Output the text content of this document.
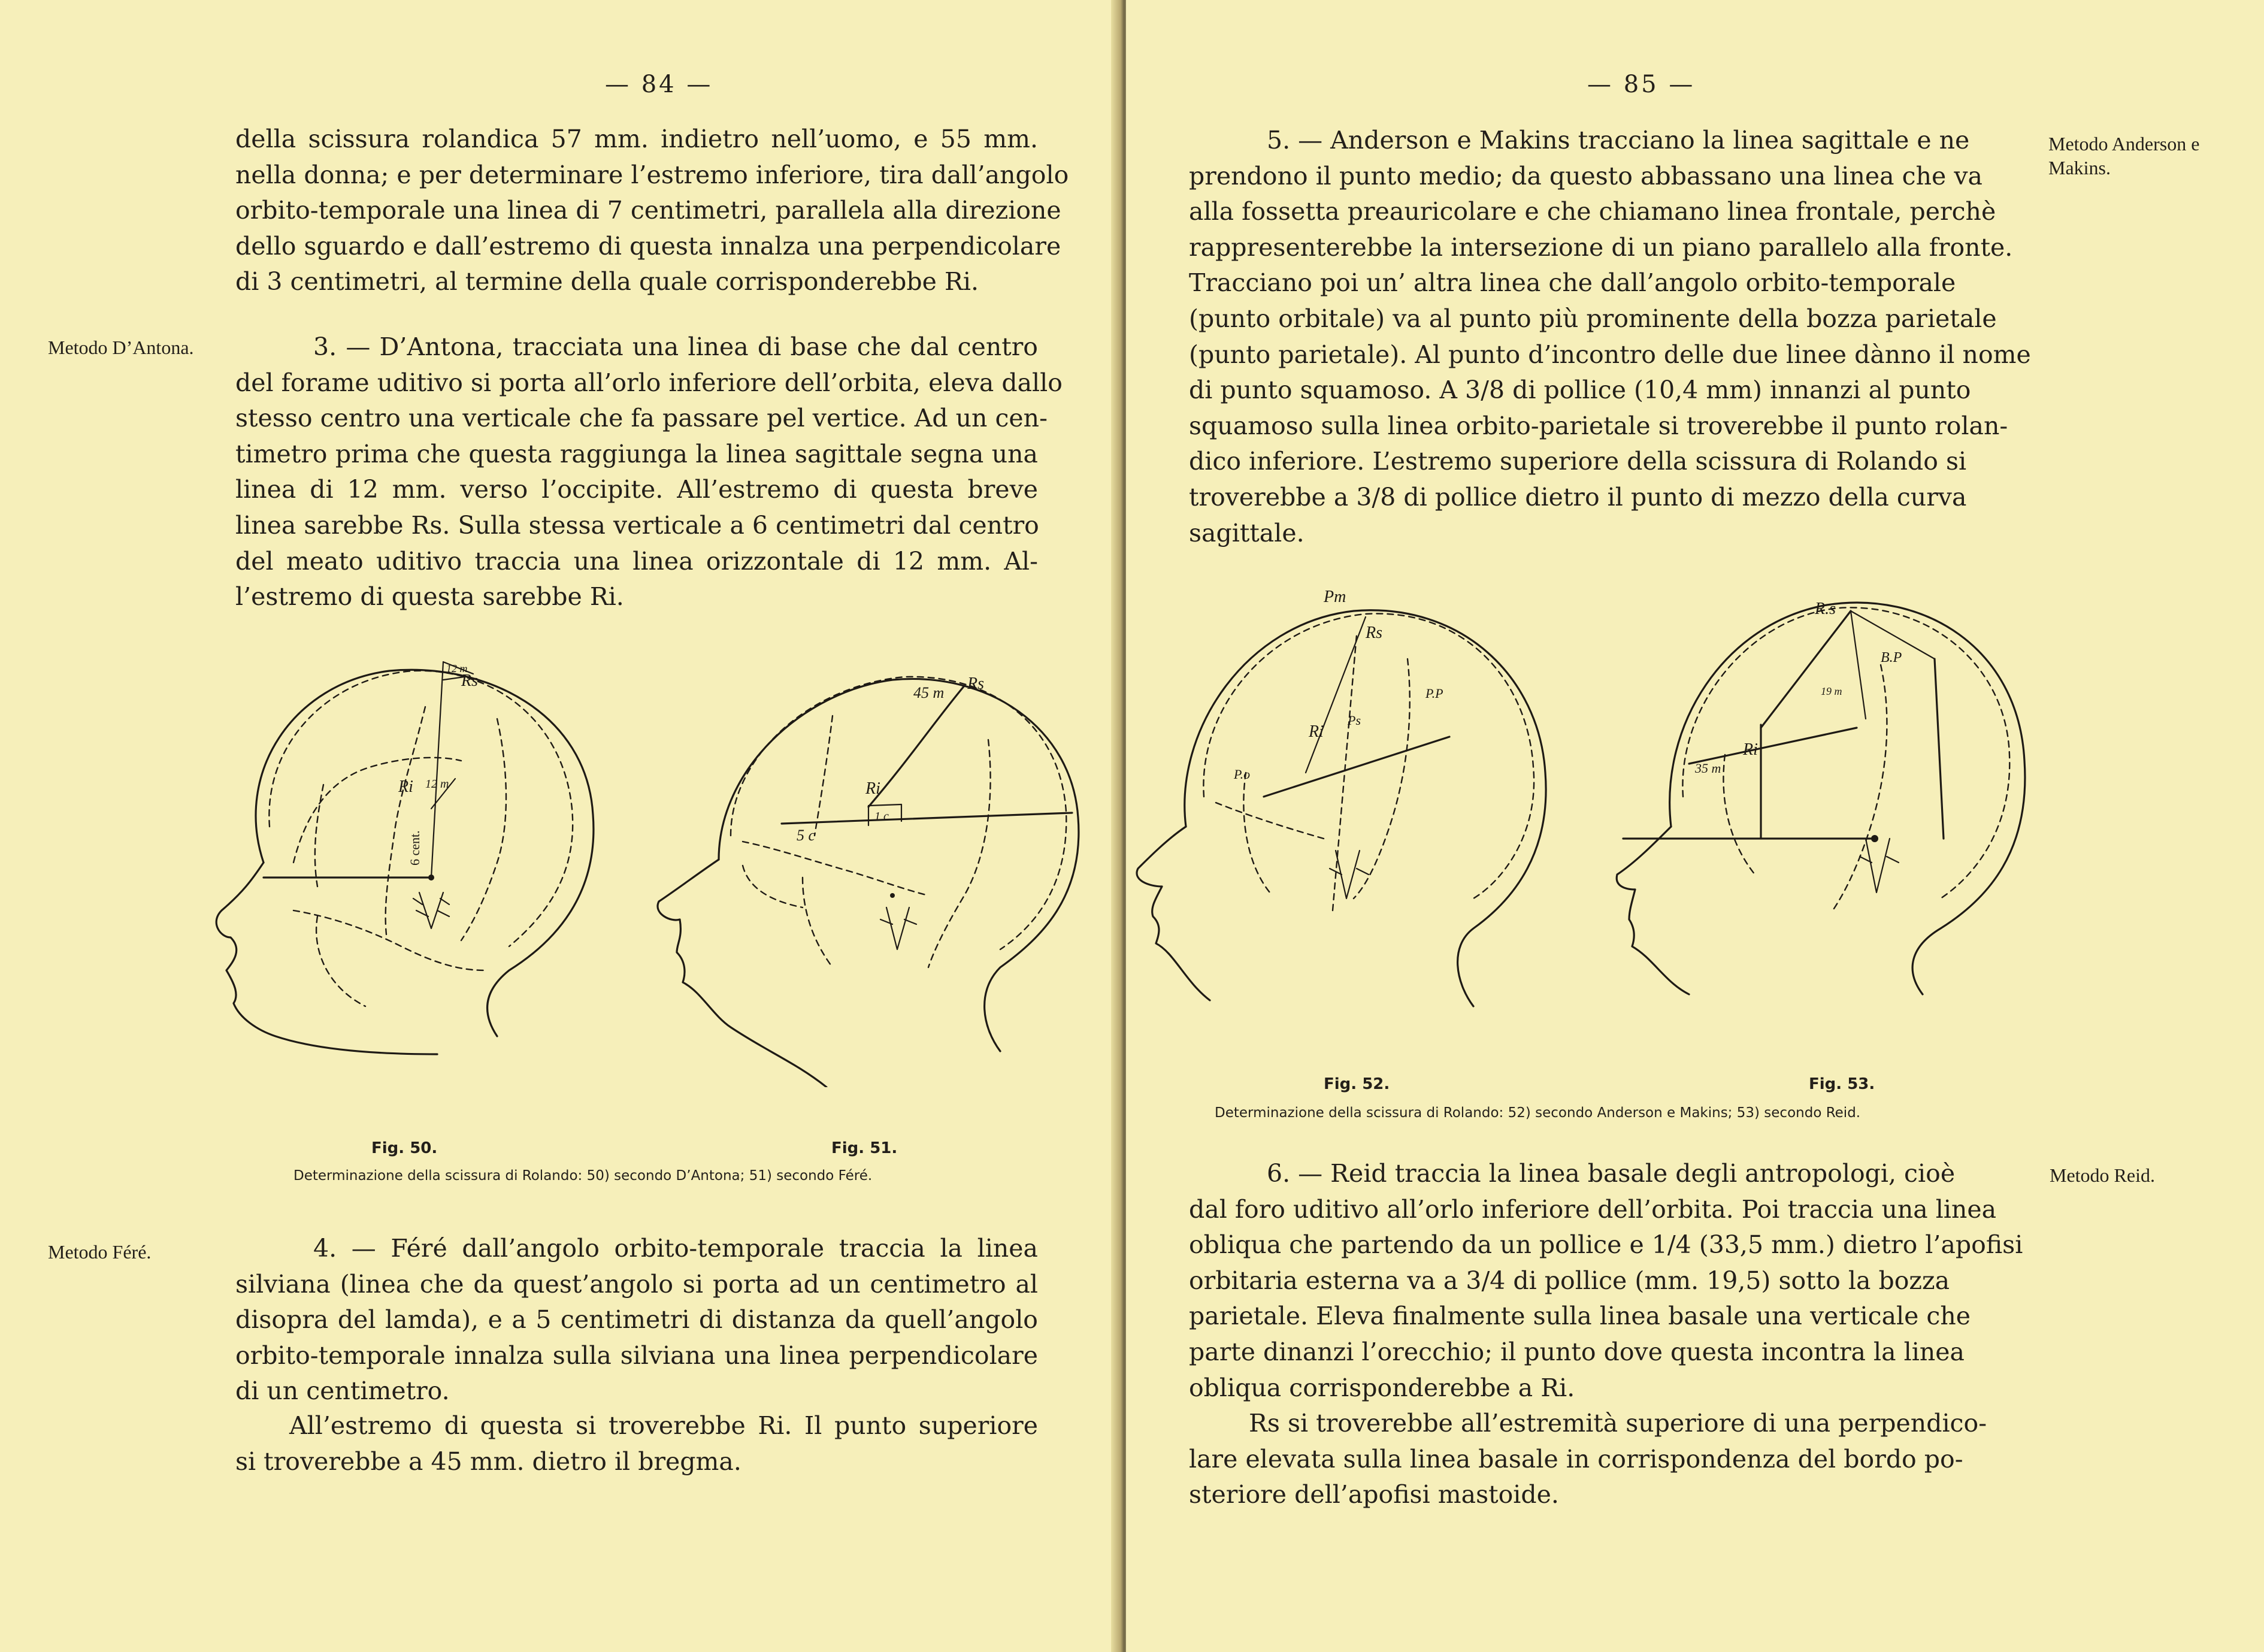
— 84 —
della scissura rolandica 57 mm. indietro nell’uomo, e 55 mm.
nella donna; e per determinare l’estremo inferiore, tira dall’angolo
orbito-temporale una linea di 7 centimetri, parallela alla direzione
dello sguardo e dall’estremo di questa innalza una perpendicolare
di 3 centimetri, al termine della quale corrisponderebbe Ri.
Metodo D’Antona.	3. — D’Antona, tracciata una linea di base che dal centro
del forame uditivo si porta all’orlo inferiore dell’orbita, eleva dallo
stesso centro una verticale che fa passare pel vertice. Ad un cen-
timetro prima che questa raggiunga la linea sagittale segna una
linea di 12 mm. verso l’occipite. All’estremo di questa breve
linea sarebbe Rs. Sulla stessa verticale a 6 centimetri dal centro
del meato uditivo traccia una linea orizzontale di 12 mm. Al-
l’estremo di questa sarebbe Ri.
Rs
Ri
12 m
12 m
6 cent.
Rs
Ri
45 m
1 c
5 c
Fig. 50.	Fig. 51.
Determinazione della scissura di Rolando: 50) secondo D’Antona; 51) secondo Féré.
Metodo Féré.	4. — Féré dall’angolo orbito-temporale traccia la linea
silviana (linea che da quest’angolo si porta ad un centimetro al
disopra del lamda), e a 5 centimetri di distanza da quell’angolo
orbito-temporale innalza sulla silviana una linea perpendicolare
di un centimetro.
All’estremo di questa si troverebbe Ri. Il punto superiore
si troverebbe a 45 mm. dietro il bregma.
— 85 —
Metodo Anderson e
Makins.
5. — Anderson e Makins tracciano la linea sagittale e ne
prendono il punto medio; da questo abbassano una linea che va
alla fossetta preauricolare e che chiamano linea frontale, perchè
rappresenterebbe la intersezione di un piano parallelo alla fronte.
Tracciano poi un’ altra linea che dall’angolo orbito-temporale
(punto orbitale) va al punto più prominente della bozza parietale
(punto parietale). Al punto d’incontro delle due linee dànno il nome
di punto squamoso. A 3/8 di pollice (10,4 mm) innanzi al punto
squamoso sulla linea orbito-parietale si troverebbe il punto rolan-
dico inferiore. L’estremo superiore della scissura di Rolando si
troverebbe a 3/8 di pollice dietro il punto di mezzo della curva
sagittale.
Pm
Rs
Ri
Ps
P.P
P.o
R.s
B.P
Ri
35 m
19 m
Fig. 52.	Fig. 53.
Determinazione della scissura di Rolando: 52) secondo Anderson e Makins; 53) secondo Reid.
Metodo Reid.
6. — Reid traccia la linea basale degli antropologi, cioè
dal foro uditivo all’orlo inferiore dell’orbita. Poi traccia una linea
obliqua che partendo da un pollice e 1/4 (33,5 mm.) dietro l’apofisi
orbitaria esterna va a 3/4 di pollice (mm. 19,5) sotto la bozza
parietale. Eleva finalmente sulla linea basale una verticale che
parte dinanzi l’orecchio; il punto dove questa incontra la linea
obliqua corrisponderebbe a Ri.
Rs si troverebbe all’estremità superiore di una perpendico-
lare elevata sulla linea basale in corrispondenza del bordo po-
steriore dell’apofisi mastoide.
